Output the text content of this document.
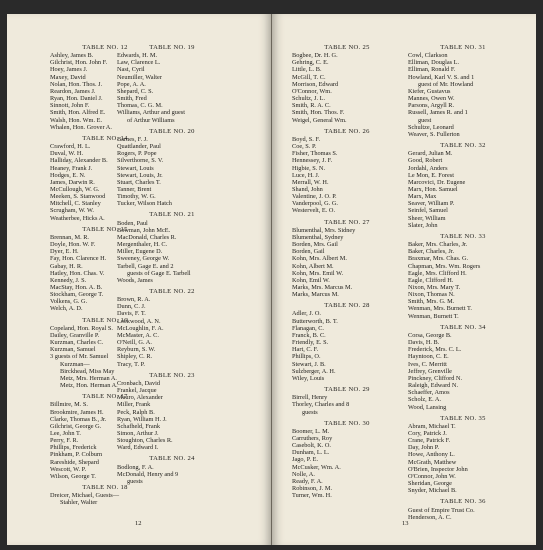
TABLE NO. 12
Ashley, James B.
Gilchrist, Hon. John F.
Hoey, James J.
Maxey, David
Nolan, Hon. Thos. J.
Reardon, James J.
Ryan, Hon. Daniel J.
Sinnott, John F.
Smith, Hon. Alfred E.
Walsh, Hon. Wm. E.
Whalen, Hon. Grover A.
TABLE NO. 14
Crawford, H. L.
Duval, W. H.
Halliday, Alexander B.
Heaney, Frank J.
Hodges, E. N.
James, Darwin R.
McCullough, W. G.
Meeken, S. Stanwood
Mitchell, C. Stanley
Scrugham, W. W.
Weatherbee, Hicks A.
TABLE NO. 15
Brennan, M. R.
Doyle, Hon. W. F.
Dyer, E. H.
Fay, Hon. Clarence H.
Gabay, H. R.
Hatley, Hon. Chas. V.
Kennedy, J. S.
MacStay, Hon. A. B.
Stockham, George T.
Volkens, G. G.
Welch, A. D.
TABLE NO. 16
Copeland, Hon. Royal S.
Dailey, Granville P.
Kurzman, Charles C.
Kurzman, Samuel
3 guests of Mr. Samuel
Kurzman—
Birckhead, Miss May
Metz, Mrs. Herman A.
Metz, Hon. Herman A.
TABLE NO. 17
Billmire, M. S.
Brookmire, James H.
Clarke, Thomas B., Jr.
Gilchrist, George G.
Lee, John T.
Perry, F. R.
Phillips, Frederick
Pinkham, P. Colburn
Rareshide, Shepard
Wescott, W. P.
Wilson, George T.
TABLE NO. 18
Dreicer, Michael, Guests—
Stahler, Walter
TABLE NO. 19
Edwards, H. M.
Law, Clarence L.
Nast, Cyril
Neumiller, Walter
Pope, A. A.
Shepard, C. S.
Smith, Fred
Thomas, C. G. M.
Williams, Arthur and guest
of Arthur Williams
TABLE NO. 20
Barnes, F. J.
Quattlander, Paul
Rogers, P. Pope
Silverthorne, S. V.
Stewart, Louis
Stewart, Louis, Jr.
Stuart, Charles T.
Tanner, Brent
Timothy, W. G.
Tucker, Wilson Hatch
TABLE NO. 21
Boden, Paul
Bowman, John McE.
MacDonald, Charles R.
Mergenthaler, H. C.
Miller, Eugene D.
Sweeney, George W.
Tarbell, Gage E. and 2
guests of Gage E. Tarbell
Woods, James
TABLE NO. 22
Brown, R. A.
Dunn, C. J.
Davis, F. T.
Lockwood, A. N.
McLoughlin, F. A.
McMaster, A. C.
O'Neill, G. A.
Reyburn, S. W.
Shipley, C. R.
Tracy, T. P.
TABLE NO. 23
Cronbach, David
Frankel, Jacque
Mauro, Alexander
Miller, Frank
Peck, Ralph B.
Ryan, William H. J.
Schafheld, Frank
Simon, Arthur J.
Stoughton, Charles R.
Ward, Edward I.
TABLE NO. 24
Bodlong, F. A.
McDonald, Henry and 9
guests
12
TABLE NO. 25
Bogbee, Dr. H. G.
Gehring, C. E.
Little, L. B.
McGill, T. C.
Morrison, Edward
O'Connor, Wm.
Schultz, J. L.
Smith, R. A. C.
Smith, Hon. Thos. F.
Weigel, General Wm.
TABLE NO. 26
Boyd, S. F.
Coe, S. P.
Fisher, Thomas S.
Hennessey, J. F.
Higbie, S. N.
Luce, H. J.
Merrall, W. H.
Shand, John
Valentine, J. O. P.
Vanderpool, G. G.
Westervelt, E. O.
TABLE NO. 27
Blumenthal, Mrs. Sidney
Blumenthal, Sydney
Borden, Mrs. Gail
Borden, Gail
Kohn, Mrs. Albert M.
Kohn, Albert M.
Kohn, Mrs. Emil W.
Kohn, Emil W.
Marks, Mrs. Marcus M.
Marks, Marcus M.
TABLE NO. 28
Adler, J. O.
Butterworth, B. T.
Flanagan, C.
Franck, B. C.
Friendly, E. S.
Hart, C. F.
Phillips, O.
Stewart, J. B.
Sulzberger, A. H.
Wiley, Louis
TABLE NO. 29
Birrell, Henry
Thorley, Charles and 8
guests
TABLE NO. 30
Boomer, L. M.
Carruthers, Roy
Casebolt, K. O.
Dunham, L. L.
Jago, P. E.
McCusker, Wm. A.
Nolle, A.
Ready, F. A.
Robinson, J. M.
Turner, Wm. H.
TABLE NO. 31
Cowl, Clarkson
Elliman, Douglas L.
Elliman, Ronald F.
Howland, Karl V. S. and 1
guest of Mr. Howland
Kiefer, Gustavus
Mannes, Owen W.
Parsons, Argyll R.
Russell, James R. and 1
guest
Schultze, Leonard
Weaver, S. Fullerton
TABLE NO. 32
Gerard, Julian M.
Good, Robert
Jordahl, Anders
Le Mon, E. Forest
Marcovici, Dr. Eugene
Marx, Hon. Samuel
Marx, Max
Seaver, William P.
Seinfel, Samuel
Sheer, William
Slater, John
TABLE NO. 33
Baker, Mrs. Charles, Jr.
Baker, Charles, Jr.
Braxmar, Mrs. Chas. G.
Chapman, Mrs. Wm. Rogers
Eagle, Mrs. Clifford H.
Eagle, Clifford H.
Nixon, Mrs. Mary T.
Nixon, Thomas N.
Smith, Mrs. G. M.
Wenman, Mrs. Burnett T.
Wenman, Burnett T.
TABLE NO. 34
Corsa, George B.
Davis, H. B.
Frederick, Mrs. C. L.
Hayntoon, C. E.
Ives, C. Merritt
Jeffrey, Grenville
Pinckney, Clifford N.
Raleigh, Edward N.
Schaeffer, Amos
Scholz, E. A.
Wood, Lansing
TABLE NO. 35
Abram, Michael T.
Cory, Patrick J.
Crane, Patrick F.
Day, John P.
Howe, Anthony L.
McGrath, Matthew
O'Brien, Inspector John
O'Connor, John W.
Sheridan, George
Snyder, Michael B.
TABLE NO. 36
Guest of Empire Trust Co.
Henderson, A. C.
13
